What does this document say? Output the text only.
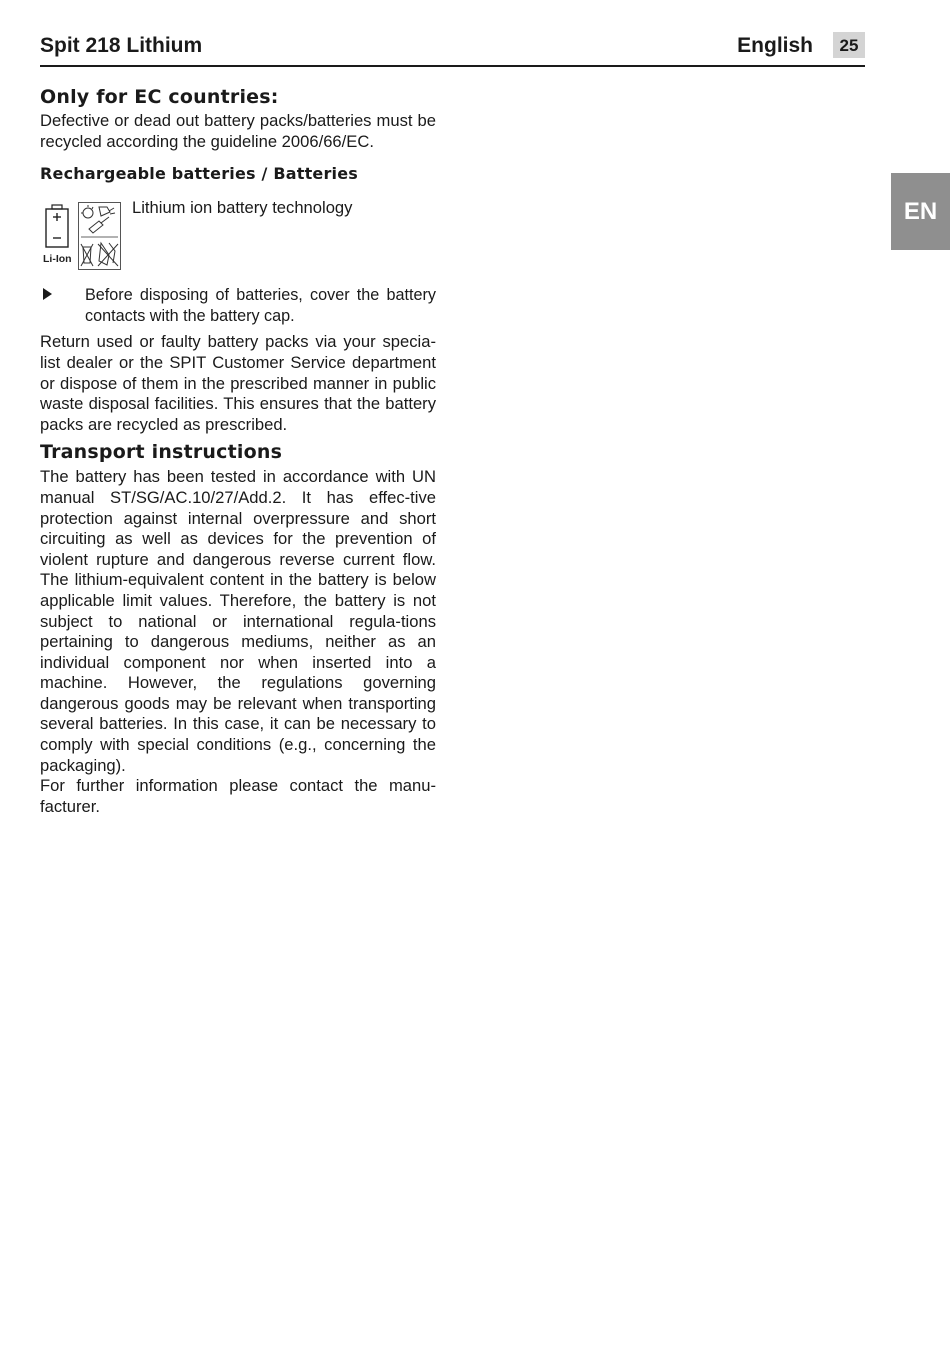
Spit 218 Lithium	English	25
EN
Only for EC countries:

Defective or dead out battery packs/batteries must be recycled according the guideline 2006/66/EC.

Rechargeable batteries / Batteries
Li-Ion
Lithium ion battery technology

Before disposing of batteries, cover the battery contacts with the battery cap.

Return used or faulty battery packs via your specia-list dealer or the SPIT Customer Service department or dispose of them in the prescribed manner in public waste disposal facilities. This ensures that the battery packs are recycled as prescribed.

Transport instructions

The battery has been tested in accordance with UN manual ST/SG/AC.10/27/Add.2. It has effec-tive protection against internal overpressure and short circuiting as well as devices for the prevention of violent rupture and dangerous reverse current flow. The lithium-equivalent content in the battery is below applicable limit values. Therefore, the battery is not subject to national or international regula-tions pertaining to dangerous mediums, neither as an individual component nor when inserted into a machine. However, the regulations governing dangerous goods may be relevant when transporting several batteries. In this case, it can be necessary to comply with special conditions (e.g., concerning the packaging).

For further information please contact the manu-facturer.
